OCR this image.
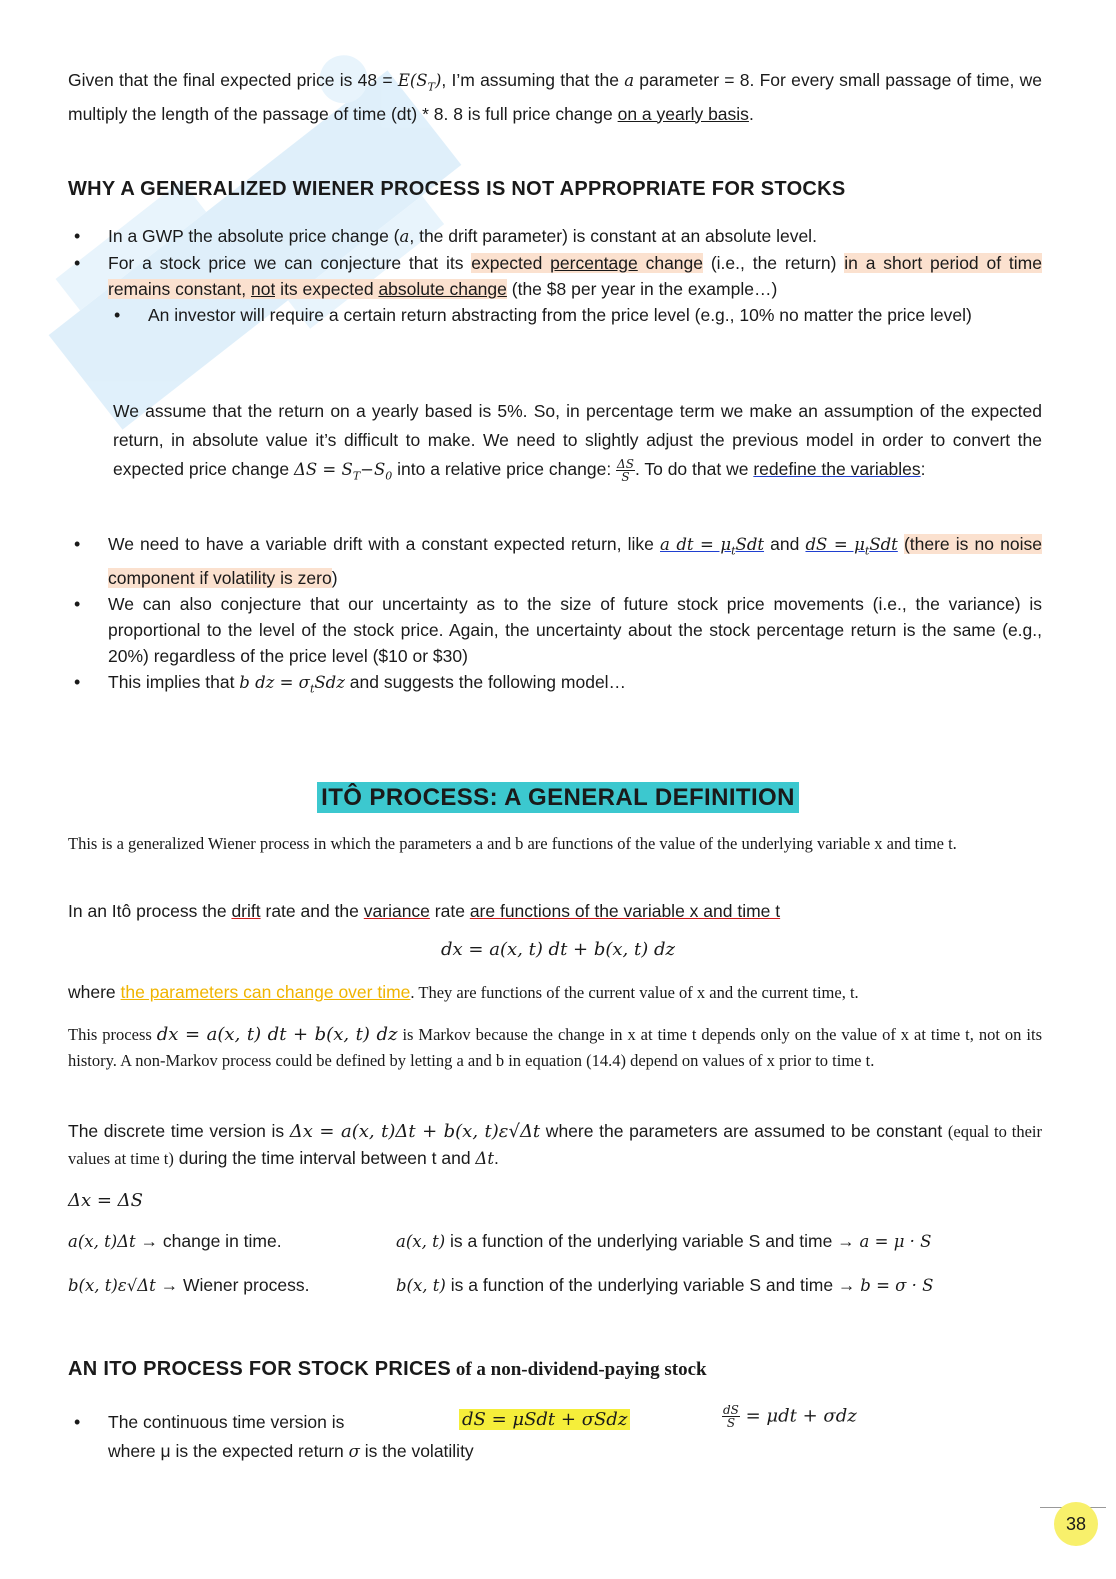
Given that the final expected price is $48 = E(S_T)$, I’m assuming that the a parameter = 8. For every small passage of time, we multiply the length of the passage of time (dt) * 8. 8 is full price change on a yearly basis.

WHY A GENERALIZED WIENER PROCESS IS NOT APPROPRIATE FOR STOCKS
• In a GWP the absolute price change (a, the drift parameter) is constant at an absolute level.
• For a stock price we can conjecture that its expected percentage change (i.e., the return) in a short period of time remains constant, not its expected absolute change (the $8 per year in the example…)
• An investor will require a certain return abstracting from the price level (e.g., 10% no matter the price level)

We assume that the return on a yearly based is 5%. So, in percentage term we make an assumption of the expected return, in absolute value it’s difficult to make. We need to slightly adjust the previous model in order to convert the expected price change $\Delta S = S_T-S_0$ into a relative price change: $\frac{\Delta S}{S}$ . To do that we redefine the variables:

• We need to have a variable drift with a constant expected return, like a dt = $\mu_tSdt$ and dS = $\mu_tSdt$ (there is no noise component if volatility is zero)
• We can also conjecture that our uncertainty as to the size of future stock price movements (i.e., the variance) is proportional to the level of the stock price. Again, the uncertainty about the stock percentage return is the same (e.g., 20%) regardless of the price level ($10 or $30)
• This implies that b dz = $\sigma_tSdz$ and suggests the following model…
ITÔ PROCESS: A GENERAL DEFINITION

This is a generalized Wiener process in which the parameters a and b are functions of the value of the underlying variable x and time t.

In an Itô process the drift rate and the variance rate are functions of the variable x and time t

dx = a(x, t) dt + b(x, t) dz

where the parameters can change over time. They are functions of the current value of x and the current time, t.

This process dx = a(x, t) dt + b(x, t) dz is Markov because the change in x at time t depends only on the value of x at time t, not on its history. A non-Markov process could be defined by letting a and b in equation (14.4) depend on values of x prior to time t.

The discrete time version is Δx = a(x, t)Δt + b(x, t)ε√Δt where the parameters are assumed to be constant (equal to their values at time t) during the time interval between t and Δt.

Δx = ΔS
a(x, t)Δt → change in time.	a(x, t) is a function of the underlying variable S and time → a = μ · S
b(x, t)ε√Δt → Wiener process.	b(x, t) is a function of the underlying variable S and time → b = σ · S
AN ITO PROCESS FOR STOCK PRICES of a non-dividend-paying stock
• The continuous time version is	dS = μSdt + σSdz	$\frac{dS}{S} = \mu dt + \sigma dz$
where μ is the expected return σ is the volatility
38
